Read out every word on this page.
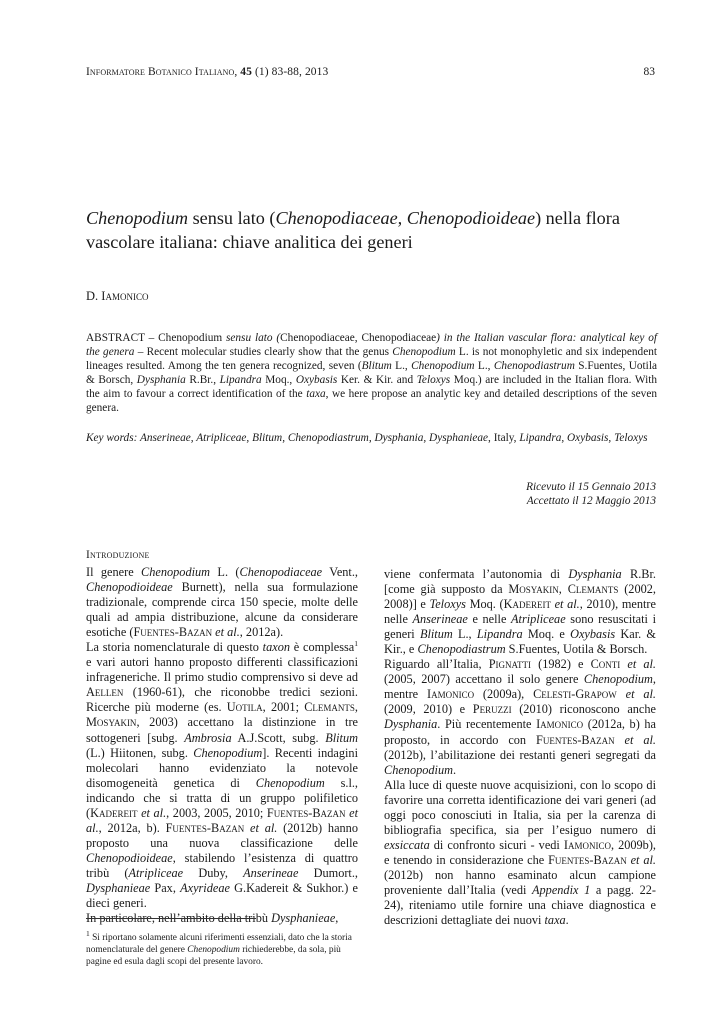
Informatore Botanico Italiano, 45 (1) 83-88, 2013	83
Chenopodium sensu lato (Chenopodiaceae, Chenopodioideae) nella flora vascolare italiana: chiave analitica dei generi
D. Iamonico
ABSTRACT – Chenopodium sensu lato (Chenopodiaceae, Chenopodiaceae) in the Italian vascular flora: analytical key of the genera – Recent molecular studies clearly show that the genus Chenopodium L. is not monophyletic and six independent lineages resulted. Among the ten genera recognized, seven (Blitum L., Chenopodium L., Chenopodiastrum S.Fuentes, Uotila & Borsch, Dysphania R.Br., Lipandra Moq., Oxybasis Ker. & Kir. and Teloxys Moq.) are included in the Italian flora. With the aim to favour a correct identification of the taxa, we here propose an analytic key and detailed descriptions of the seven genera.
Key words: Anserineae, Atripliceae, Blitum, Chenopodiastrum, Dysphania, Dysphanieae, Italy, Lipandra, Oxybasis, Teloxys
Ricevuto il 15 Gennaio 2013
Accettato il 12 Maggio 2013
Introduzione

Il genere Chenopodium L. (Chenopodiaceae Vent., Chenopodioideae Burnett), nella sua formulazione tradizionale, comprende circa 150 specie, molte delle quali ad ampia distribuzione, alcune da considerare esotiche (Fuentes-Bazan et al., 2012a).

La storia nomenclaturale di questo taxon è complessa$^1$ e vari autori hanno proposto differenti classificazioni infrageneriche. Il primo studio comprensivo si deve ad Aellen (1960-61), che riconobbe tredici sezioni. Ricerche più moderne (es. Uotila, 2001; Clemants, Mosyakin, 2003) accettano la distinzione in tre sottogeneri [subg. Ambrosia A.J.Scott, subg. Blitum (L.) Hiitonen, subg. Chenopodium]. Recenti indagini molecolari hanno evidenziato la notevole disomogeneità genetica di Chenopodium s.l., indicando che si tratta di un gruppo polifiletico (Kadereit et al., 2003, 2005, 2010; Fuentes-Bazan et al., 2012a, b). Fuentes-Bazan et al. (2012b) hanno proposto una nuova classificazione delle Chenopodioideae, stabilendo l’esistenza di quattro tribù (Atripliceae Duby, Anserineae Dumort., Dysphanieae Pax, Axyrideae G.Kadereit & Sukhor.) e dieci generi.

In particolare, nell’ambito della tribù Dysphanieae,

viene confermata l’autonomia di Dysphania R.Br. [come già supposto da Mosyakin, Clemants (2002, 2008)] e Teloxys Moq. (Kadereit et al., 2010), mentre nelle Anserineae e nelle Atripliceae sono resuscitati i generi Blitum L., Lipandra Moq. e Oxybasis Kar. & Kir., e Chenopodiastrum S.Fuentes, Uotila & Borsch.

Riguardo all’Italia, Pignatti (1982) e Conti et al. (2005, 2007) accettano il solo genere Chenopodium, mentre Iamonico (2009a), Celesti-Grapow et al. (2009, 2010) e Peruzzi (2010) riconoscono anche Dysphania. Più recentemente Iamonico (2012a, b) ha proposto, in accordo con Fuentes-Bazan et al. (2012b), l’abilitazione dei restanti generi segregati da Chenopodium.

Alla luce di queste nuove acquisizioni, con lo scopo di favorire una corretta identificazione dei vari generi (ad oggi poco conosciuti in Italia, sia per la carenza di bibliografia specifica, sia per l’esiguo numero di exsiccata di confronto sicuri - vedi Iamonico, 2009b), e tenendo in considerazione che Fuentes-Bazan et al. (2012b) non hanno esaminato alcun campione proveniente dall’Italia (vedi Appendix 1 a pagg. 22-24), riteniamo utile fornire una chiave diagnostica e descrizioni dettagliate dei nuovi taxa.

$^1$ Si riportano solamente alcuni riferimenti essenziali, dato che la storia nomenclaturale del genere Chenopodium richiederebbe, da sola, più pagine ed esula dagli scopi del presente lavoro.
